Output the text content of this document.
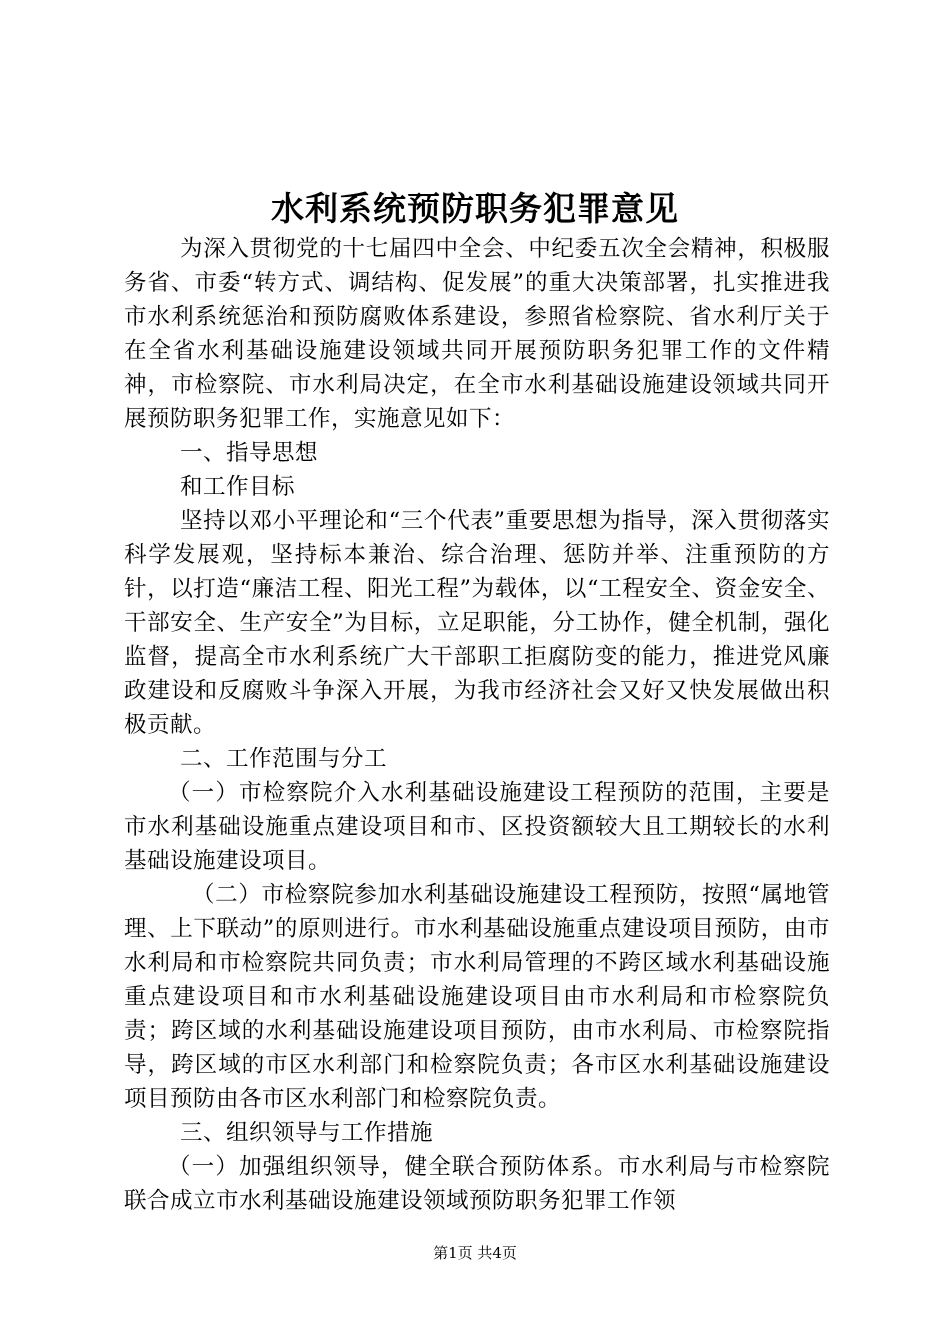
水利系统预防职务犯罪意见

为深入贯彻党的十七届四中全会、中纪委五次全会精神，积极服务省、市委“转方式、调结构、促发展”的重大决策部署，扎实推进我市水利系统惩治和预防腐败体系建设，参照省检察院、省水利厅关于在全省水利基础设施建设领域共同开展预防职务犯罪工作的文件精神，市检察院、市水利局决定，在全市水利基础设施建设领域共同开展预防职务犯罪工作，实施意见如下：

一、指导思想

和工作目标

坚持以邓小平理论和“三个代表”重要思想为指导，深入贯彻落实科学发展观，坚持标本兼治、综合治理、惩防并举、注重预防的方针，以打造“廉洁工程、阳光工程”为载体，以“工程安全、资金安全、干部安全、生产安全”为目标，立足职能，分工协作，健全机制，强化监督，提高全市水利系统广大干部职工拒腐防变的能力，推进党风廉政建设和反腐败斗争深入开展，为我市经济社会又好又快发展做出积极贡献。

二、工作范围与分工

（一）市检察院介入水利基础设施建设工程预防的范围，主要是市水利基础设施重点建设项目和市、区投资额较大且工期较长的水利基础设施建设项目。

（二）市检察院参加水利基础设施建设工程预防，按照“属地管理、上下联动”的原则进行。市水利基础设施重点建设项目预防，由市水利局和市检察院共同负责；市水利局管理的不跨区域水利基础设施重点建设项目和市水利基础设施建设项目由市水利局和市检察院负责；跨区域的水利基础设施建设项目预防，由市水利局、市检察院指导，跨区域的市区水利部门和检察院负责；各市区水利基础设施建设项目预防由各市区水利部门和检察院负责。

三、组织领导与工作措施

（一）加强组织领导，健全联合预防体系。市水利局与市检察院联合成立市水利基础设施建设领域预防职务犯罪工作领

第1页 共4页
